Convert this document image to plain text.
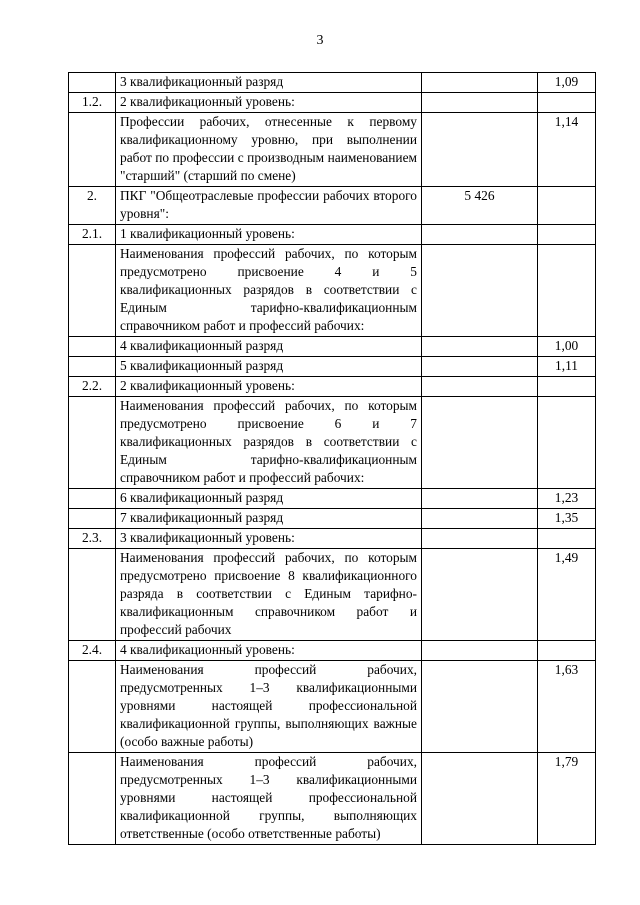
3
	3 квалификационный разряд		1,09
1.2.	2 квалификационный уровень:		
	Профессии рабочих, отнесенные к первому квалификационному уровню, при выполнении работ по профессии с производным наименованием "старший" (старший по смене)		1,14
2.	ПКГ "Общеотраслевые профессии рабочих второго уровня":	5 426	
2.1.	1 квалификационный уровень:		
	Наименования профессий рабочих, по которым предусмотрено присвоение 4 и 5 квалификационных разрядов в соответствии с Единым тарифно-квалификационным справочником работ и профессий рабочих:		
	4 квалификационный разряд		1,00
	5 квалификационный разряд		1,11
2.2.	2 квалификационный уровень:		
	Наименования профессий рабочих, по которым предусмотрено присвоение 6 и 7 квалификационных разрядов в соответствии с Единым тарифно-квалификационным справочником работ и профессий рабочих:		
	6 квалификационный разряд		1,23
	7 квалификационный разряд		1,35
2.3.	3 квалификационный уровень:		
	Наименования профессий рабочих, по которым предусмотрено присвоение 8 квалификационного разряда в соответствии с Единым тарифно-квалификационным справочником работ и профессий рабочих		1,49
2.4.	4 квалификационный уровень:		
	Наименования профессий рабочих, предусмотренных 1–3 квалификационными уровнями настоящей профессиональной квалификационной группы, выполняющих важные (особо важные работы)		1,63
	Наименования профессий рабочих, предусмотренных 1–3 квалификационными уровнями настоящей профессиональной квалификационной группы, выполняющих ответственные (особо ответственные работы)		1,79
